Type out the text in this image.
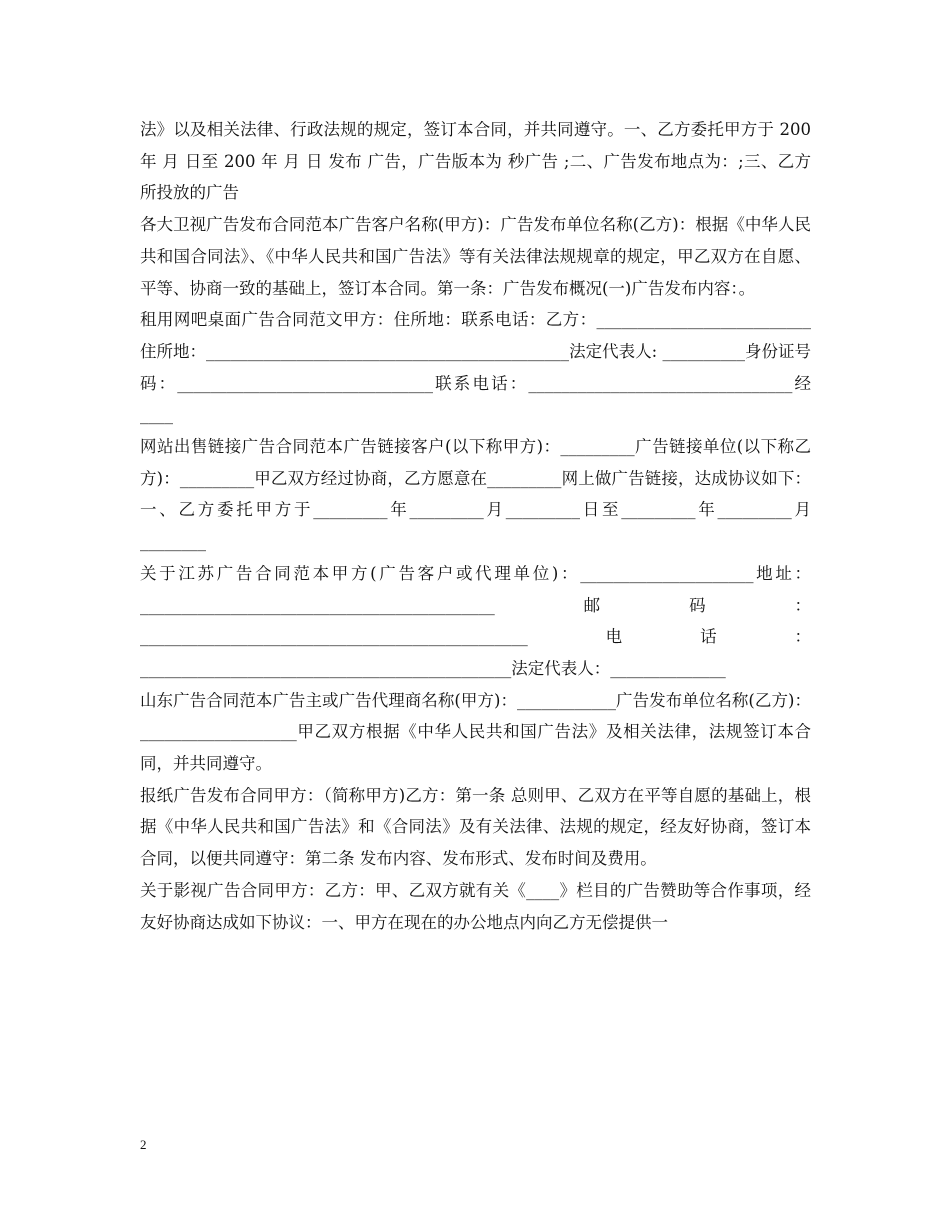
法》以及相关法律、行政法规的规定，签订本合同，并共同遵守。一、乙方委托甲方于 200 年 月 日至 200 年 月 日 发布 广告，广告版本为 秒广告 ;二、广告发布地点为：;三、乙方所投放的广告

各大卫视广告发布合同范本广告客户名称(甲方)：广告发布单位名称(乙方)：根据《中华人民共和国合同法》、《中华人民共和国广告法》等有关法律法规规章的规定，甲乙双方在自愿、平等、协商一致的基础上，签订本合同。第一条：广告发布概况(一)广告发布内容：。

租用网吧桌面广告合同范文甲方：住所地：联系电话：乙方：__________________________住所地：____________________________________________法定代表人: __________身份证号码：_______________________________联系电话：________________________________经____

网站出售链接广告合同范本广告链接客户(以下称甲方)：_________广告链接单位(以下称乙方)：_________甲乙双方经过协商，乙方愿意在_________网上做广告链接，达成协议如下：一、乙方委托甲方于_________年_________月_________日至_________年_________月________

关于江苏广告合同范本甲方(广告客户或代理单位)：_____________________地址：___________________________________________邮码：_______________________________________________电话：_____________________________________________法定代表人：______________

山东广告合同范本广告主或广告代理商名称(甲方)：____________广告发布单位名称(乙方)：___________________甲乙双方根据《中华人民共和国广告法》及相关法律，法规签订本合同，并共同遵守。

报纸广告发布合同甲方：（简称甲方)乙方：第一条 总则甲、乙双方在平等自愿的基础上，根据《中华人民共和国广告法》和《合同法》及有关法律、法规的规定，经友好协商，签订本合同，以便共同遵守：第二条 发布内容、发布形式、发布时间及费用。

关于影视广告合同甲方：乙方：甲、乙双方就有关《____》栏目的广告赞助等合作事项，经友好协商达成如下协议：一、甲方在现在的办公地点内向乙方无偿提供一

2
